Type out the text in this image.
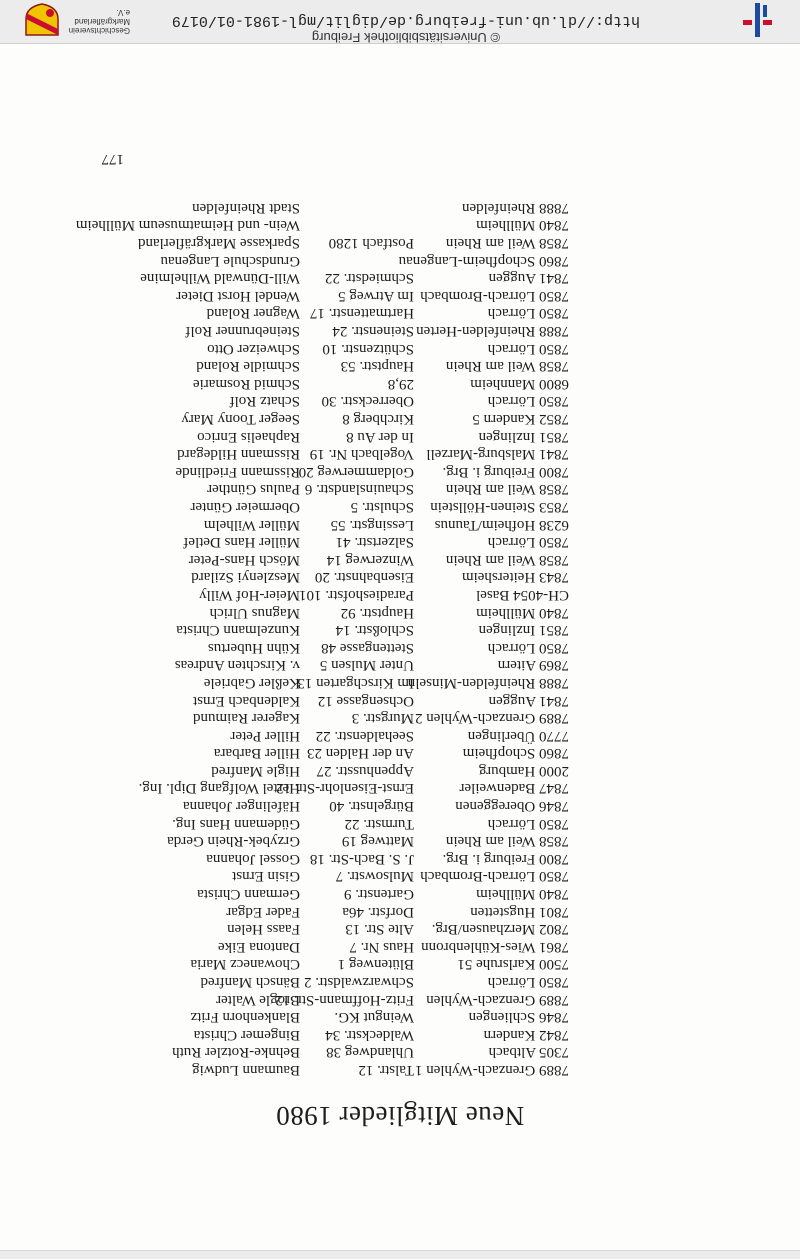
Neue Mitglieder 1980
7889 Grenzach-Wyhlen 1
Talstr. 12
Baumann Ludwig
7305 Altbach
Uhlandweg 38
Behnke-Rotzler Ruth
7842 Kandern
Waldeckstr. 34
Bingemer Christa
7846 Schliengen
Weingut KG.
Blankenhorn Fritz
7889 Grenzach-Wyhlen
Fritz-Hoffmann-Str. 12
Brogle Walter
7850 Lörrach
Schwarzwaldstr. 2
Bänsch Manfred
7500 Karlsruhe 51
Blütenweg 1
Chowanecz Maria
7861 Wies-Kühlenbronn
Haus Nr. 7
Dantona Eike
7802 Merzhausen/Brg.
Alte Str. 13
Faass Helen
7801 Hugstetten
Dorfstr. 46a
Fader Edgar
7840 Müllheim
Gartenstr. 9
Germann Christa
7850 Lörrach-Brombach
Mulsowstr. 7
Gisin Ernst
7800 Freiburg i. Brg.
J. S. Bach-Str. 18
Gossel Johanna
7858 Weil am Rhein
Mattweg 19
Grzybek-Rhein Gerda
7850 Lörrach
Turmstr. 22
Güdemann Hans Ing.
7846 Obereggenen
Bürgelnstr. 40
Häfelinger Johanna
7847 Badenweiler
Ernst-Eisenlohr-Str. 12
Hertel Wolfgang Dipl. Ing.
2000 Hamburg
Appenhusstr. 27
Higle Manfred
7860 Schopfheim
An der Halden 23
Hiller Barbara
7770 Überlingen
Seehaldenstr. 22
Hiller Peter
7889 Grenzach-Wyhlen 2
Murgstr. 3
Kagerer Raimund
7841 Auggen
Ochsengasse 12
Kaldenbach Ernst
7888 Rheinfelden-Minseln
Im Kirschgarten 13
Keßler Gabriele
7869 Aitern
Unter Mulsen 5
v. Kirschten Andreas
7850 Lörrach
Stettengasse 48
Kühn Hubertus
7851 Inzlingen
Schloßstr. 14
Kunzelmann Christa
7840 Müllheim
Hauptstr. 92
Magnus Ulrich
CH-4054 Basel
Paradieshofstr. 101
Meier-Hof Willy
7843 Heitersheim
Eisenbahnstr. 20
Meszlenyi Szilard
7858 Weil am Rhein
Winzerweg 14
Mösch Hans-Peter
7850 Lörrach
Salzertstr. 41
Müller Hans Detlef
6238 Hofheim/Taunus
Lessingstr. 55
Müller Wilhelm
7853 Steinen-Höllstein
Schulstr. 5
Obermeier Günter
7858 Weil am Rhein
Schauinslandstr. 6
Paulus Günther
7800 Freiburg i. Brg.
Goldammerweg 20
Rissmann Friedlinde
7841 Malsburg-Marzell
Vogelbach Nr. 19
Rissmann Hildegard
7851 Inzlingen
In der Au 8
Raphaelis Enrico
7852 Kandern 5
Kirchberg 8
Seeger Toony Mary
7850 Lörrach
Oberreckstr. 30
Schatz Rolf
6800 Mannheim
29,8
Schmid Rosmarie
7858 Weil am Rhein
Hauptstr. 53
Schmidle Roland
7850 Lörrach
Schützenstr. 10
Schweizer Otto
7888 Rheinfelden-Herten
Steinenstr. 24
Steinebrunner Rolf
7850 Lörrach
Hartmattenstr. 17
Wagner Roland
7850 Lörrach-Brombach
Im Atrweg 5
Wendel Horst Dieter
7841 Auggen
Schmiedstr. 22
Will-Dünwald Wilhelmine
7860 Schopfheim-Langenau
Grundschule Langenau
7858 Weil am Rhein
Postfach 1280
Sparkasse Markgräflerland
7840 Müllheim
Wein- und Heimatmuseum Müllheim
7888 Rheinfelden
Stadt Rheinfelden
177
© Universitätsbibliothek Freiburg
http://dl.ub.uni-freiburg.de/diglit/mgl-1981-01/0179
Geschichtsverein Markgräflerland e.V.
